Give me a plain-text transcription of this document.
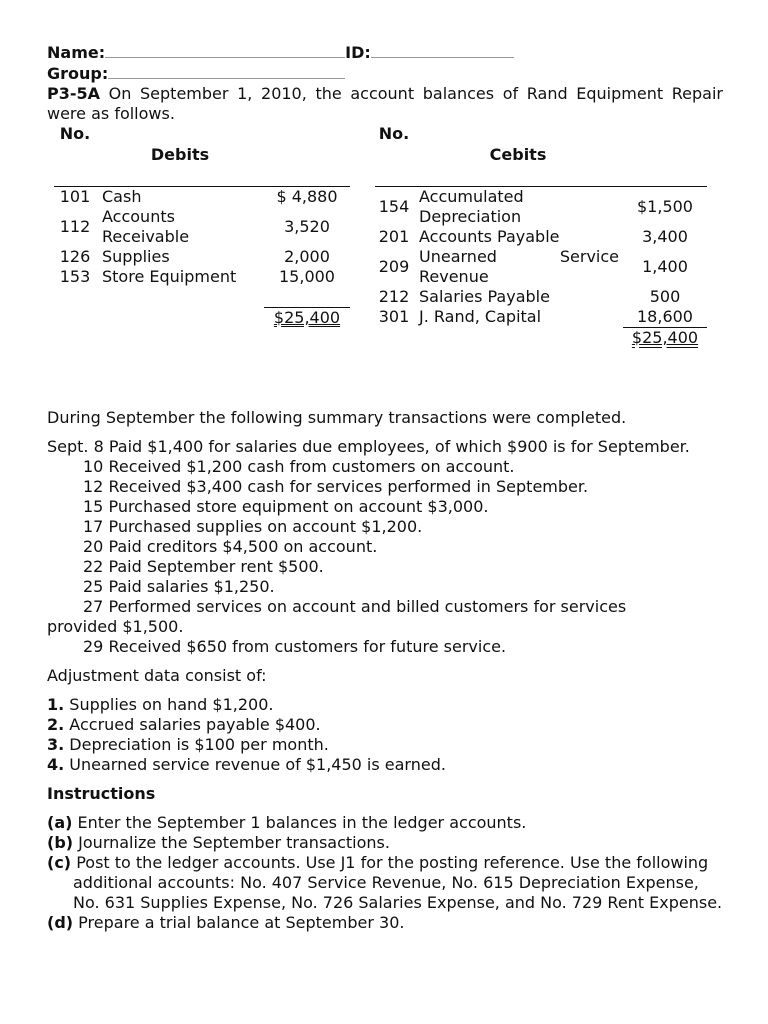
Name:	ID:
Group:
P3-5A On September 1, 2010, the account balances of Rand Equipment Repair were as follows.
No.	Debits	
101	Cash	$ 4,880
112	Accounts Receivable	3,520
126	Supplies	2,000
153	Store Equipment	15,000

		$25,400
No.	Cebits	
154	Accumulated Depreciation	$1,500
201	Accounts Payable	3,400
209	Unearned Service Revenue	1,400
212	Salaries Payable	500
301	J. Rand, Capital	18,600
		$25,400
During September the following summary transactions were completed.
Sept. 8 Paid $1,400 for salaries due employees, of which $900 is for September.
10 Received $1,200 cash from customers on account.
12 Received $3,400 cash for services performed in September.
15 Purchased store equipment on account $3,000.
17 Purchased supplies on account $1,200.
20 Paid creditors $4,500 on account.
22 Paid September rent $500.
25 Paid salaries $1,250.
27 Performed services on account and billed customers for services
provided $1,500.
29 Received $650 from customers for future service.
Adjustment data consist of:
1. Supplies on hand $1,200.
2. Accrued salaries payable $400.
3. Depreciation is $100 per month.
4. Unearned service revenue of $1,450 is earned.
Instructions
(a) Enter the September 1 balances in the ledger accounts.
(b) Journalize the September transactions.
(c) Post to the ledger accounts. Use J1 for the posting reference. Use the following additional accounts: No. 407 Service Revenue, No. 615 Depreciation Expense, No. 631 Supplies Expense, No. 726 Salaries Expense, and No. 729 Rent Expense.
(d) Prepare a trial balance at September 30.
